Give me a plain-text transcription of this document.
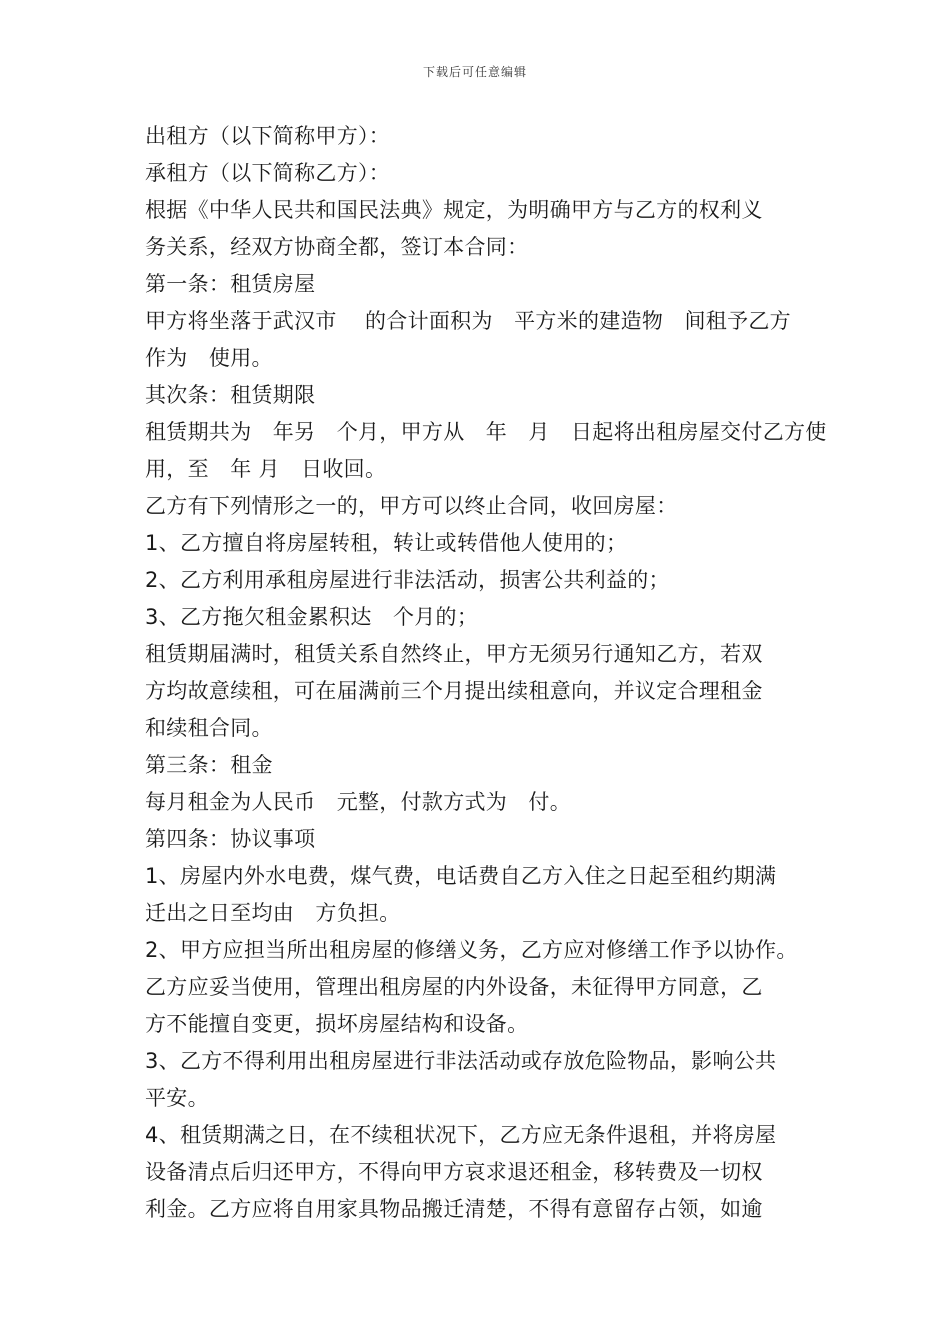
下载后可任意编辑
出租方（以下简称甲方）：
承租方（以下简称乙方）：
根据《中华人民共和国民法典》规定，为明确甲方与乙方的权利义
务关系，经双方协商全都，签订本合同：
第一条：租赁房屋
甲方将坐落于武汉市　 的合计面积为　平方米的建造物　间租予乙方
作为　使用。
其次条：租赁期限
租赁期共为　年另　个月，甲方从　年　月　日起将出租房屋交付乙方使
用，至　年 月　日收回。
乙方有下列情形之一的，甲方可以终止合同，收回房屋：
1、乙方擅自将房屋转租，转让或转借他人使用的；
2、乙方利用承租房屋进行非法活动，损害公共利益的；
3、乙方拖欠租金累积达　个月的；
租赁期届满时，租赁关系自然终止，甲方无须另行通知乙方，若双
方均故意续租，可在届满前三个月提出续租意向，并议定合理租金
和续租合同。
第三条：租金
每月租金为人民币　元整，付款方式为　付。
第四条：协议事项
1、房屋内外水电费，煤气费，电话费自乙方入住之日起至租约期满
迁出之日至均由　方负担。
2、甲方应担当所出租房屋的修缮义务，乙方应对修缮工作予以协作。
乙方应妥当使用，管理出租房屋的内外设备，未征得甲方同意，乙
方不能擅自变更，损坏房屋结构和设备。
3、乙方不得利用出租房屋进行非法活动或存放危险物品，影响公共
平安。
4、租赁期满之日，在不续租状况下，乙方应无条件退租，并将房屋
设备清点后归还甲方，不得向甲方哀求退还租金，移转费及一切权
利金。乙方应将自用家具物品搬迁清楚，不得有意留存占领，如逾
